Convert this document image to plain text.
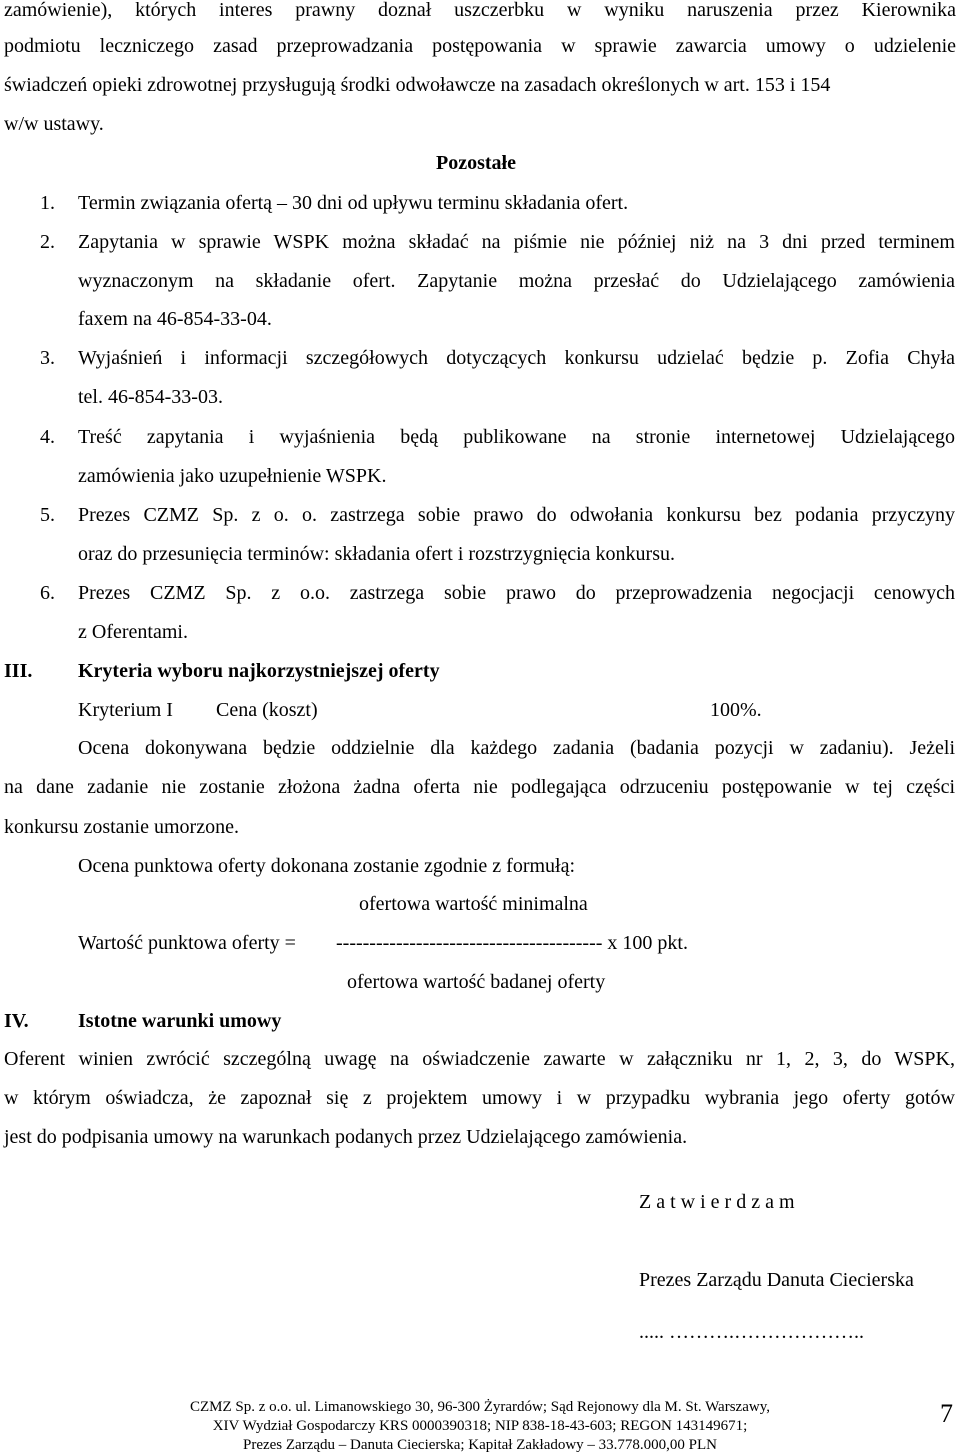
zamówienie), których interes prawny doznał uszczerbku w wyniku naruszenia przez Kierownika
podmiotu leczniczego zasad przeprowadzania postępowania w sprawie zawarcia umowy o udzielenie
świadczeń opieki zdrowotnej przysługują środki odwoławcze na zasadach określonych w art. 153 i 154
w/w ustawy.
Pozostałe
1. Termin związania ofertą – 30 dni od upływu terminu składania ofert.
2. Zapytania w sprawie WSPK można składać na piśmie nie później niż na 3 dni przed terminem
wyznaczonym na składanie ofert. Zapytanie można przesłać do Udzielającego zamówienia
faxem na 46-854-33-04.
3. Wyjaśnień i informacji szczegółowych dotyczących konkursu udzielać będzie p. Zofia Chyła
tel. 46-854-33-03.
4. Treść zapytania i wyjaśnienia będą publikowane na stronie internetowej Udzielającego
zamówienia jako uzupełnienie WSPK.
5. Prezes CZMZ Sp. z o. o. zastrzega sobie prawo do odwołania konkursu bez podania przyczyny
oraz do przesunięcia terminów: składania ofert i rozstrzygnięcia konkursu.
6. Prezes CZMZ Sp. z o.o. zastrzega sobie prawo do przeprowadzenia negocjacji cenowych
z Oferentami.
III. Kryteria wyboru najkorzystniejszej oferty
Kryterium I Cena (koszt)	100%.
Ocena dokonywana będzie oddzielnie dla każdego zadania (badania pozycji w zadaniu). Jeżeli
na dane zadanie nie zostanie złożona żadna oferta nie podlegająca odrzuceniu postępowanie w tej części
konkursu zostanie umorzone.
Ocena punktowa oferty dokonana zostanie zgodnie z formułą:
ofertowa wartość minimalna
Wartość punktowa oferty = ---------------------------------------- x 100 pkt.
ofertowa wartość badanej oferty
IV. Istotne warunki umowy
Oferent winien zwrócić szczególną uwagę na oświadczenie zawarte w załączniku nr 1, 2, 3, do WSPK,
w którym oświadcza, że zapoznał się z projektem umowy i w przypadku wybrania jego oferty gotów
jest do podpisania umowy na warunkach podanych przez Udzielającego zamówienia.
Z a t w i e r d z a m
Prezes Zarządu Danuta Ciecierska
..... ……….………………..
CZMZ Sp. z o.o. ul. Limanowskiego 30, 96-300 Żyrardów; Sąd Rejonowy dla M. St. Warszawy,
XIV Wydział Gospodarczy KRS 0000390318; NIP 838-18-43-603; REGON 143149671;
Prezes Zarządu – Danuta Ciecierska; Kapitał Zakładowy – 33.778.000,00 PLN
7
